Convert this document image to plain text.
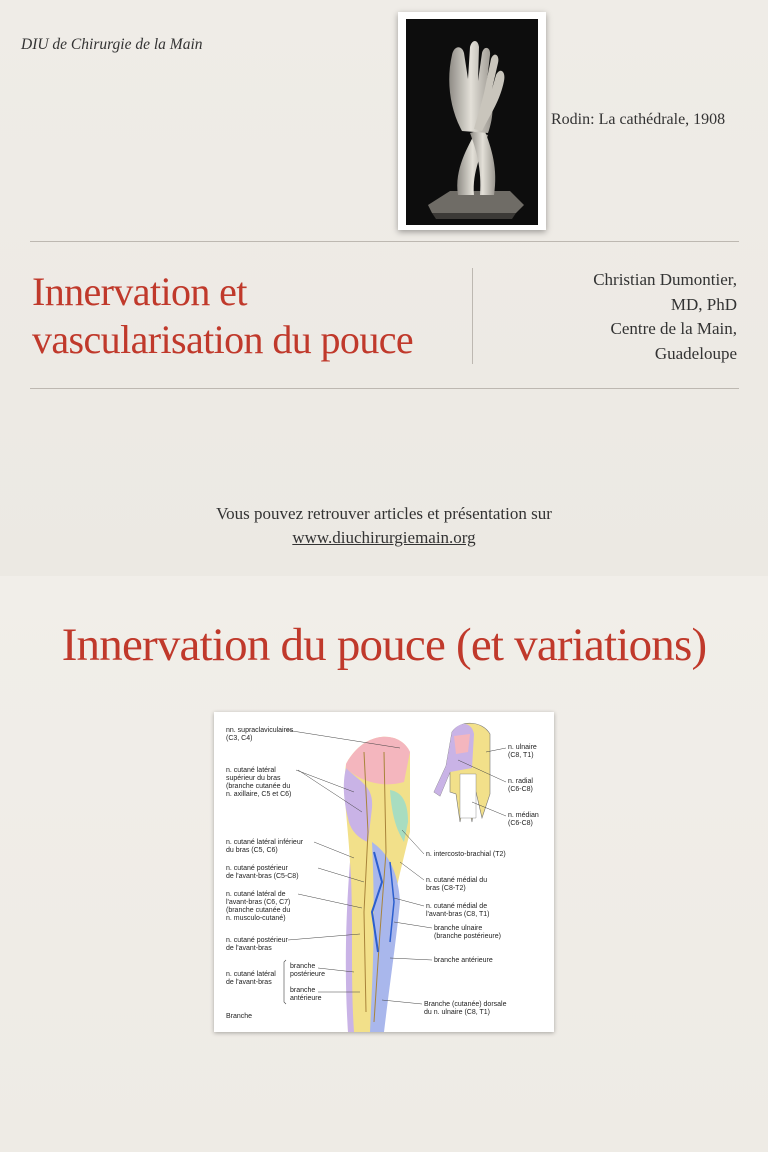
DIU de Chirurgie de la Main
Rodin: La cathédrale, 1908
Innervation et
vascularisation du pouce
Christian Dumontier,
MD, PhD
Centre de la Main,
Guadeloupe
Vous pouvez retrouver articles et présentation sur
www.diuchirurgiemain.org
Innervation du pouce (et variations)
nn. supraclaviculaires (C3, C4)
n. cutané latéral supérieur du bras (branche cutanée du n. axillaire, C5 et C6)
n. cutané latéral inférieur du bras (C5, C6)
n. cutané postérieur de l'avant-bras (C5-C8)
n. cutané latéral de l'avant-bras (C6, C7) (branche cutanée du n. musculo-cutané)
n. cutané postérieur de l'avant-bras
n. cutané latéral de l'avant-bras
Branche
branche postérieure
branche antérieure
n. ulnaire (C8, T1)
n. radial (C6-C8)
n. médian (C6-C8)
n. intercosto-brachial (T2)
n. cutané médial du bras (C8-T2)
n. cutané médial de l'avant-bras (C8, T1)
branche ulnaire (branche postérieure)
branche antérieure
Branche (cutanée) dorsale du n. ulnaire (C8, T1)
